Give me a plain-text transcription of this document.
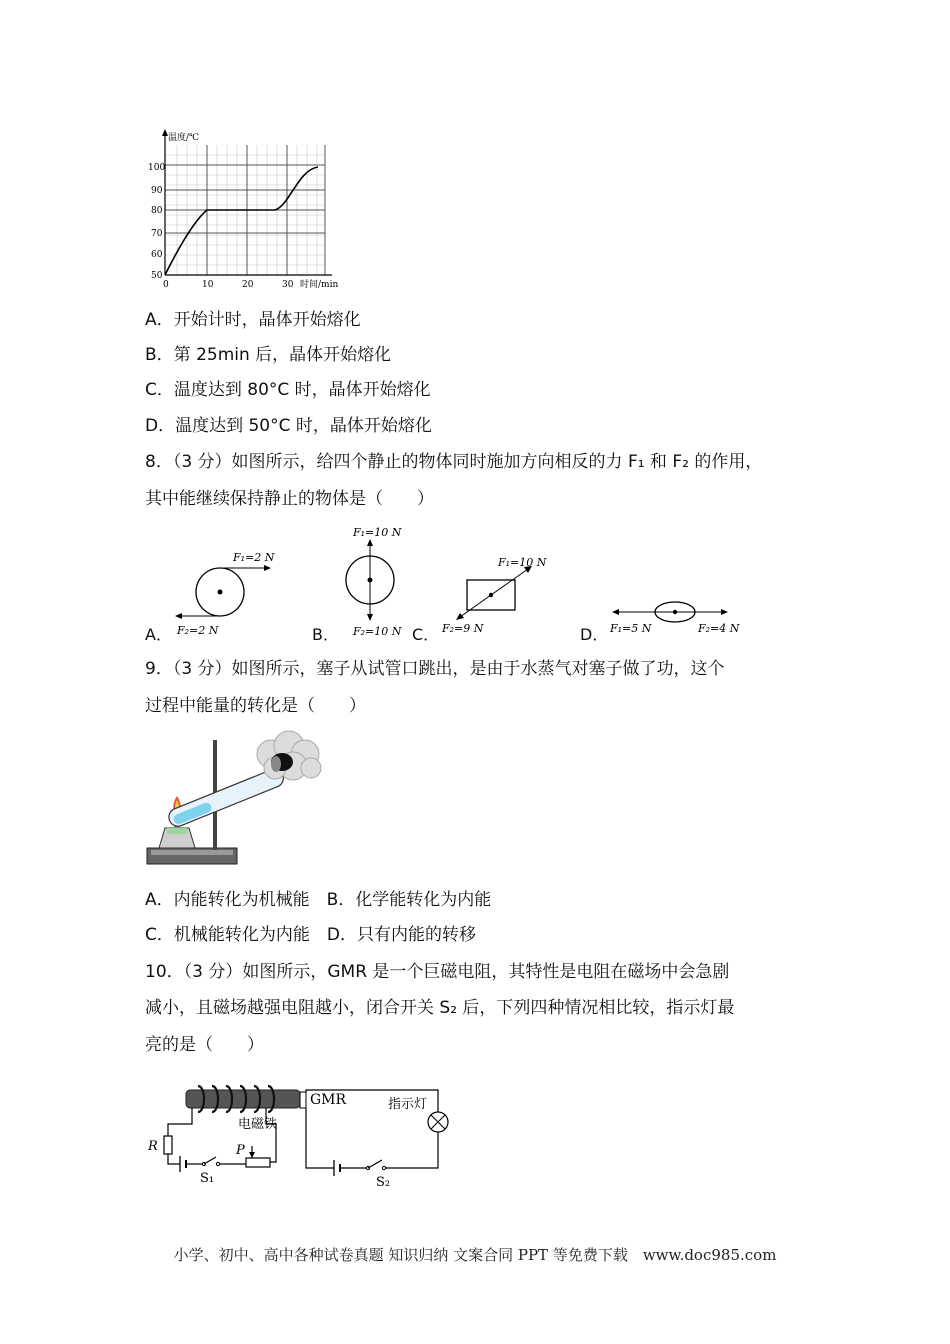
温度/℃
时间/min
100
90
80
70
60
50
0	10	20	30
A．开始计时，晶体开始熔化
B．第 25min 后，晶体开始熔化
C．温度达到 80°C 时，晶体开始熔化
D．温度达到 50°C 时，晶体开始熔化
8．（3 分）如图所示，给四个静止的物体同时施加方向相反的力 F₁ 和 F₂ 的作用，
其中能继续保持静止的物体是（　　）
A．	B．	C．	D．
F₁=2 N
F₂=2 N
F₁=10 N
F₂=10 N
F₁=10 N
F₂=9 N	F₁=5 N	F₂=4 N
9．（3 分）如图所示，塞子从试管口跳出，是由于水蒸气对塞子做了功，这个
过程中能量的转化是（　　）
A．内能转化为机械能　B．化学能转化为内能
C．机械能转化为内能　D．只有内能的转移
10．（3 分）如图所示，GMR 是一个巨磁电阻，其特性是电阻在磁场中会急剧
减小，且磁场越强电阻越小，闭合开关 S₂ 后，下列四种情况相比较，指示灯最
亮的是（　　）
电磁铁
GMR	指示灯
R	P
S₁	S₂
小学、初中、高中各种试卷真题 知识归纳 文案合同 PPT 等免费下载　www.doc985.com
